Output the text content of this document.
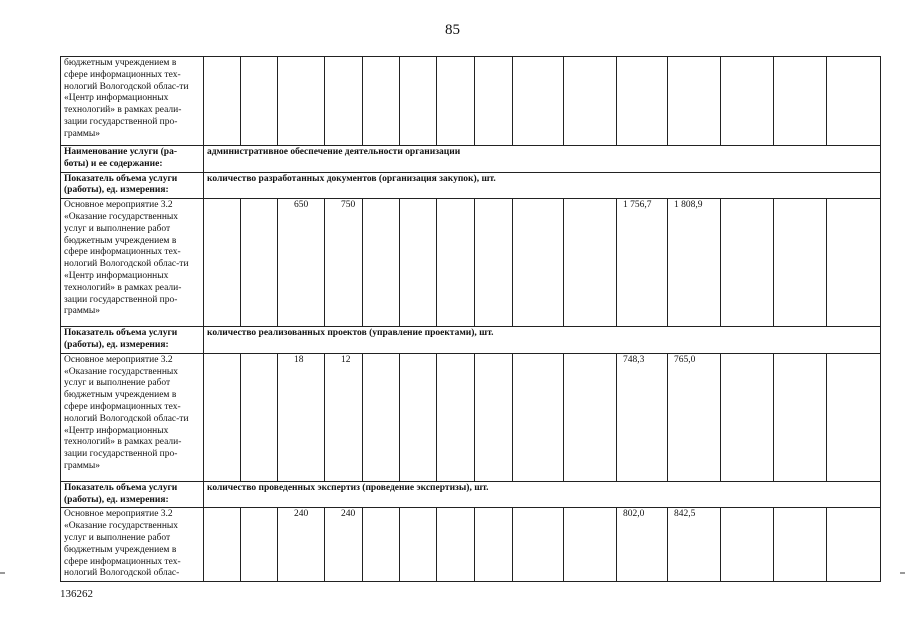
85
бюджетным учреждением в сфере информационных тех-нологий Вологодской облас-ти «Центр информационных технологий» в рамках реали-зации государственной про-граммы»															
Наименование услуги (ра-боты) и ее содержание:	административное обеспечение деятельности организации														
Показатель объема услуги (работы), ед. измерения:	количество разработанных документов (организация закупок), шт.														
Основное мероприятие 3.2 «Оказание государственных услуг и выполнение работ бюджетным учреждением в сфере информационных тех-нологий Вологодской облас-ти «Центр информационных технологий» в рамках реали-зации государственной про-граммы»			650	750							1 756,7	1 808,9			
Показатель объема услуги (работы), ед. измерения:	количество реализованных проектов (управление проектами), шт.														
Основное мероприятие 3.2 «Оказание государственных услуг и выполнение работ бюджетным учреждением в сфере информационных тех-нологий Вологодской облас-ти «Центр информационных технологий» в рамках реали-зации государственной про-граммы»			18	12							748,3	765,0			
Показатель объема услуги (работы), ед. измерения:	количество проведенных экспертиз (проведение экспертизы), шт.														
Основное мероприятие 3.2 «Оказание государственных услуг и выполнение работ бюджетным учреждением в сфере информационных тех-нологий Вологодской облас-			240	240							802,0	842,5			
136262
